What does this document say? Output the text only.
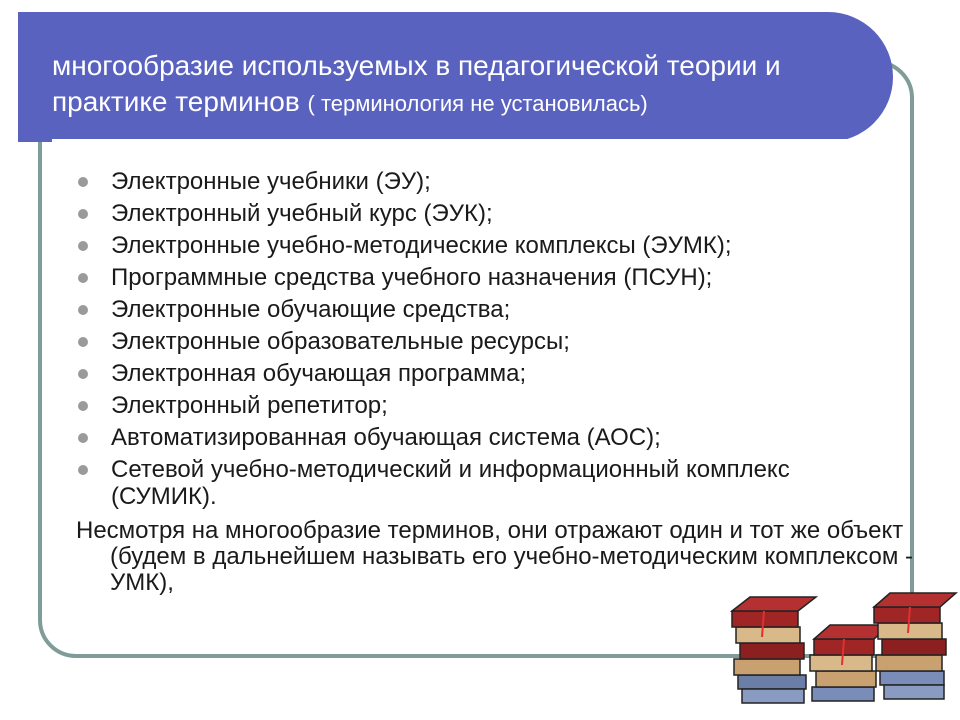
многообразие используемых в педагогической теории и практике терминов ( терминология не установилась)
Электронные учебники (ЭУ);
Электронный учебный курс (ЭУК);
Электронные учебно-методические комплексы (ЭУМК);
Программные средства учебного назначения (ПСУН);
Электронные обучающие средства;
Электронные образовательные ресурсы;
Электронная обучающая программа;
Электронный репетитор;
Автоматизированная обучающая система (АОС);
Сетевой учебно-методический и информационный комплекс (СУМИК).
Несмотря на многообразие терминов, они отражают один и тот же объект (будем в дальнейшем называть его учебно-методическим комплексом - УМК),
